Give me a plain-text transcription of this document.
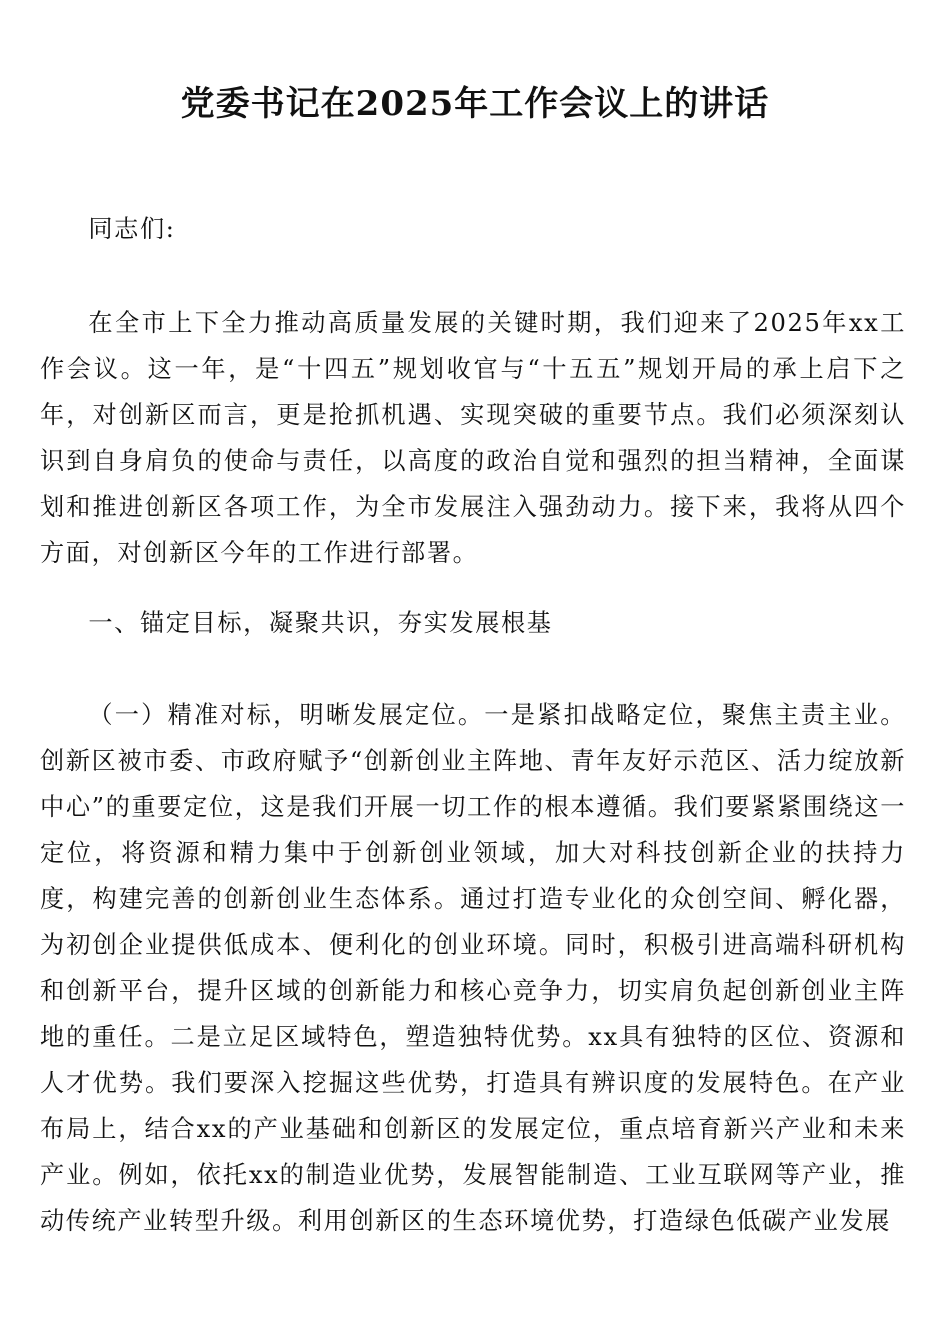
党委书记在2025年工作会议上的讲话

同志们:

在全市上下全力推动高质量发展的关键时期，我们迎来了2025年xx工作会议。这一年，是“十四五”规划收官与“十五五”规划开局的承上启下之年，对创新区而言，更是抢抓机遇、实现突破的重要节点。我们必须深刻认识到自身肩负的使命与责任，以高度的政治自觉和强烈的担当精神，全面谋划和推进创新区各项工作，为全市发展注入强劲动力。接下来，我将从四个方面，对创新区今年的工作进行部署。

一、锚定目标，凝聚共识，夯实发展根基

（一）精准对标，明晰发展定位。一是紧扣战略定位，聚焦主责主业。创新区被市委、市政府赋予“创新创业主阵地、青年友好示范区、活力绽放新中心”的重要定位，这是我们开展一切工作的根本遵循。我们要紧紧围绕这一定位，将资源和精力集中于创新创业领域，加大对科技创新企业的扶持力度，构建完善的创新创业生态体系。通过打造专业化的众创空间、孵化器，为初创企业提供低成本、便利化的创业环境。同时，积极引进高端科研机构和创新平台，提升区域的创新能力和核心竞争力，切实肩负起创新创业主阵地的重任。二是立足区域特色，塑造独特优势。xx具有独特的区位、资源和人才优势。我们要深入挖掘这些优势，打造具有辨识度的发展特色。在产业布局上，结合xx的产业基础和创新区的发展定位，重点培育新兴产业和未来产业。例如，依托xx的制造业优势，发展智能制造、工业互联网等产业，推动传统产业转型升级。利用创新区的生态环境优势，打造绿色低碳产业发展
